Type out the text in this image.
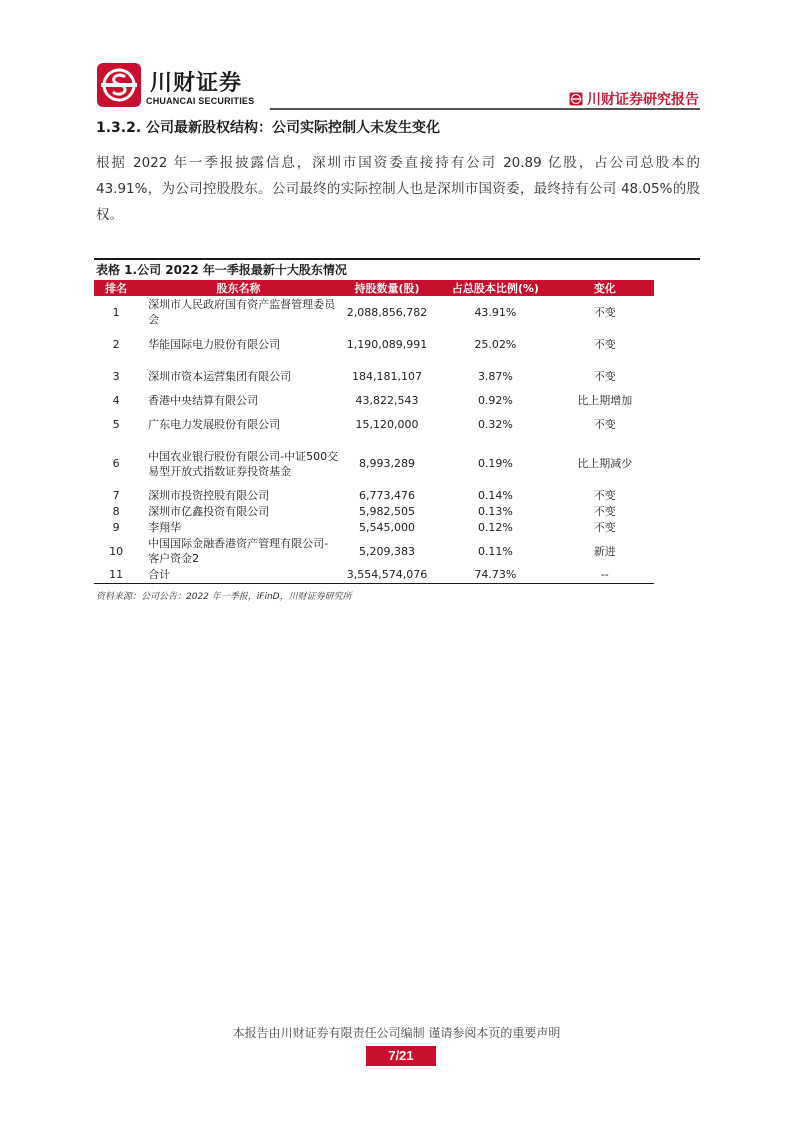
川财证券
CHUANCAI SECURITIES	川财证券研究报告
1.3.2. 公司最新股权结构：公司实际控制人未发生变化
根据 2022 年一季报披露信息，深圳市国资委直接持有公司 20.89 亿股，占公司总股本的 43.91%，为公司控股股东。公司最终的实际控制人也是深圳市国资委，最终持有公司 48.05%的股权。
表格 1.公司 2022 年一季报最新十大股东情况
排名	股东名称	持股数量(股)	占总股本比例(%)	变化
1	深圳市人民政府国有资产监督管理委员会	2,088,856,782	43.91%	不变
2	华能国际电力股份有限公司	1,190,089,991	25.02%	不变
3	深圳市资本运营集团有限公司	184,181,107	3.87%	不变
4	香港中央结算有限公司	43,822,543	0.92%	比上期增加
5	广东电力发展股份有限公司	15,120,000	0.32%	不变
6	中国农业银行股份有限公司-中证500交易型开放式指数证券投资基金	8,993,289	0.19%	比上期减少
7	深圳市投资控股有限公司	6,773,476	0.14%	不变
8	深圳市亿鑫投资有限公司	5,982,505	0.13%	不变
9	李翔华	5,545,000	0.12%	不变
10	中国国际金融香港资产管理有限公司-客户资金2	5,209,383	0.11%	新进
11	合计	3,554,574,076	74.73%	--
资料来源：公司公告：2022 年一季报，iFinD，川财证券研究所
本报告由川财证券有限责任公司编制 谨请参阅本页的重要声明
7/21
